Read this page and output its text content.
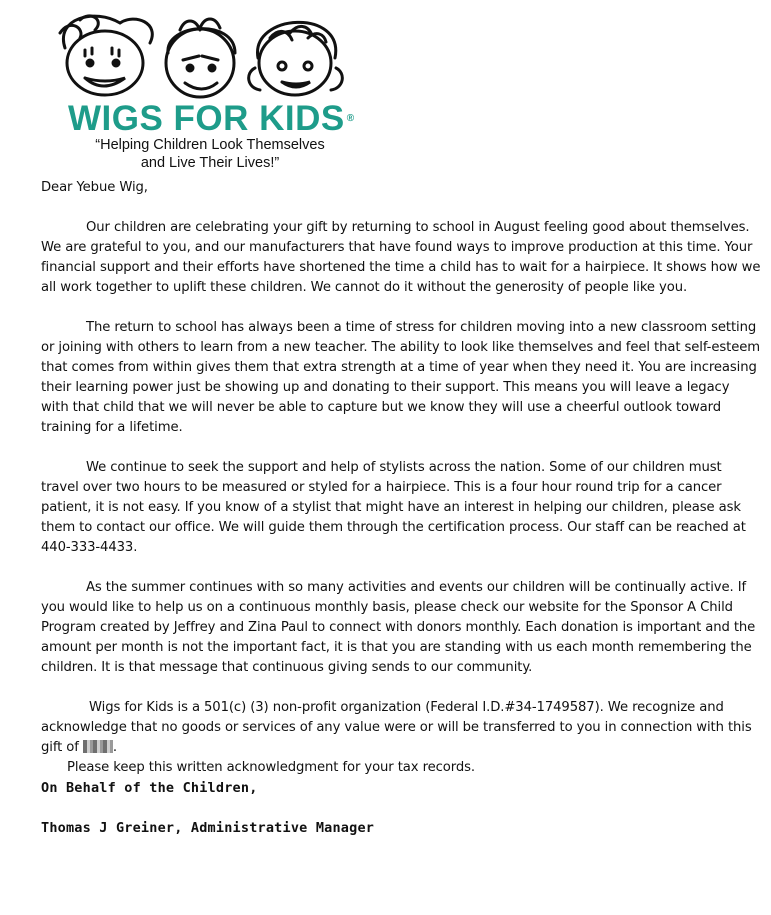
WIGS FOR KIDS ®
“Helping Children Look Themselves
and Live Their Lives!”

Dear Yebue Wig,

Our children are celebrating your gift by returning to school in August feeling good about themselves. We are grateful to you, and our manufacturers that have found ways to improve production at this time. Your financial support and their efforts have shortened the time a child has to wait for a hairpiece. It shows how we all work together to uplift these children. We cannot do it without the generosity of people like you.

The return to school has always been a time of stress for children moving into a new classroom setting or joining with others to learn from a new teacher. The ability to look like themselves and feel that self-esteem that comes from within gives them that extra strength at a time of year when they need it. You are increasing their learning power just be showing up and donating to their support. This means you will leave a legacy with that child that we will never be able to capture but we know they will use a cheerful outlook toward training for a lifetime.

We continue to seek the support and help of stylists across the nation. Some of our children must travel over two hours to be measured or styled for a hairpiece. This is a four hour round trip for a cancer patient, it is not easy. If you know of a stylist that might have an interest in helping our children, please ask them to contact our office. We will guide them through the certification process. Our staff can be reached at 440-333-4433.

As the summer continues with so many activities and events our children will be continually active. If you would like to help us on a continuous monthly basis, please check our website for the Sponsor A Child Program created by Jeffrey and Zina Paul to connect with donors monthly. Each donation is important and the amount per month is not the important fact, it is that you are standing with us each month remembering the children. It is that message that continuous giving sends to our community.

Wigs for Kids is a 501(c) (3) non-profit organization (Federal I.D.#34-1749587). We recognize and acknowledge that no goods or services of any value were or will be transferred to you in connection with this gift of	.

Please keep this written acknowledgment for your tax records.

On Behalf of the Children,

Thomas J Greiner, Administrative Manager
